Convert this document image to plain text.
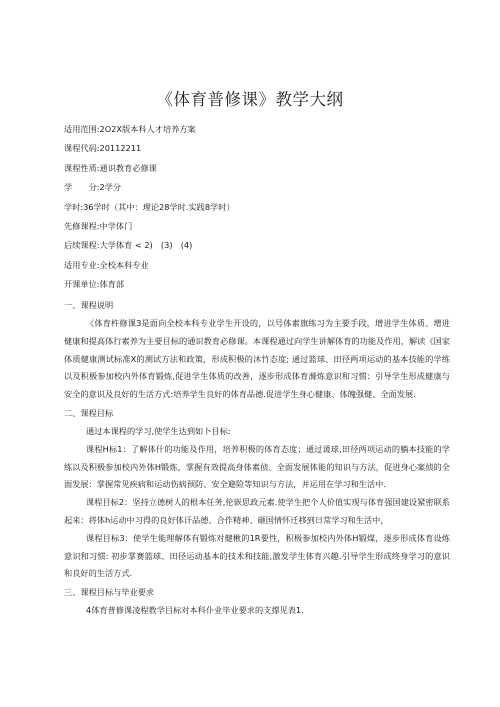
《体育普修课》教学大纲
适用范围:2O2X版本科人才培养方案
课程代码:20112211
课程性质:通识教育必修课
学　　分:2学分
学时:36学时（其中：理论28学时.实践8学时）
先修课程:中学体门
后续课程:大学体育 < 2)　(3)　(4)
适用专业:全校本科专业
开课单位:体育部
一、课程说明

《体育杵修课3是面向全校本科专业学生开设的，以号体素旗练习为主要手段，增进学生体质、增进健康和提高体行素养为主要目标的通识教育必修课。本课程通过向学生讲解体育的功能及作用，解读《国家体质健康测试标准X的测试方法和政策，形成积极的沐竹态度; 通过篮球、田径两项运动的基本技能的学练以及积极参加校内外体育锻炼,促进学生体质的改善，逐步形成体育滌炼意识和习惯：引导学生形成健康与安全的意识及良好的生活方式:培养学生良好的体育品德.促进学生身心健康、体魄强健、全面发展.

二、课程目标
通过本课程的学习,使学生达到如卜目标:

课程H标1：了解体什的功能及作用，培养积极的体育态度；通过谖球,田径两项运动的躺本技能的学练以及积极参加校内外体H锻炼，掌握有效提高身体素侦、全面发展体能的知识与方法，促进身心案侦的全面发展：掌握常见疾病和运动伤病预防、安全避险等知识与方法，并运用在学习和生活中.

课程目标2：坚持立德树人的根本任务,伦嵌思政元素.使学生把个人价值实现与体育强国建设紧密联系起来：将体h运动中习得的良好体讦品德、合作精神、砸国情怀迁移到日常学习和生活中，

课程目标3：使学生能理解体有锻炼对健楸的1R要性，积极参加校内外体H锻煤，逐步形成体育设炼意识和习惯: 初步掌赛篮球、田径运动基本的技术和技能,激发学生体育兴趣.引导学生形成终身学习的意识和良好的生活方式.

三、课程目标与毕业要求
4体育普修课凌程教学目标对本科仆业毕业要求的支撑见表1.
